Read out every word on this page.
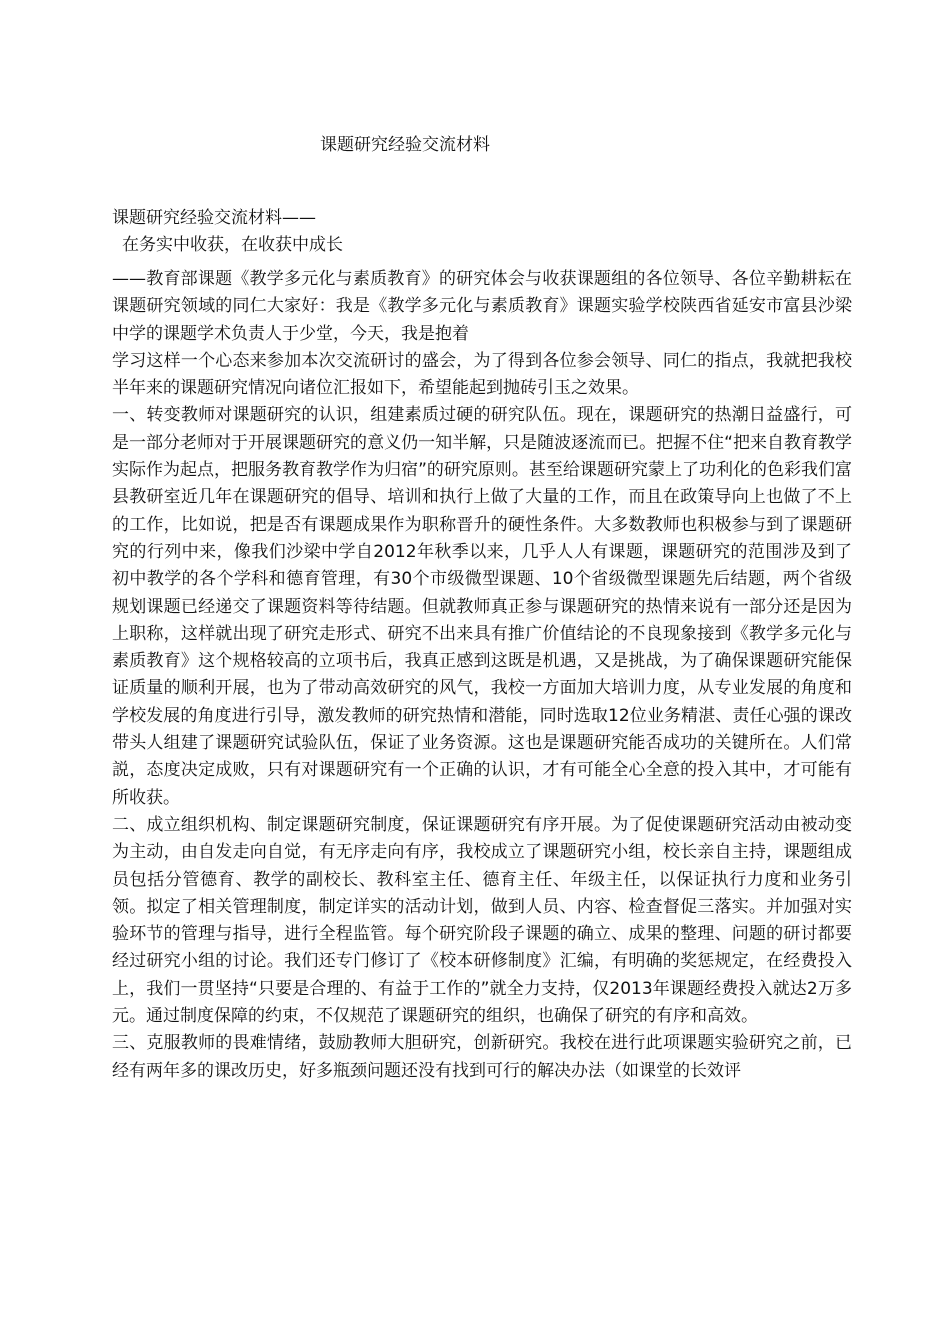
课题研究经验交流材料

课题研究经验交流材料——

在务实中收获，在收获中成长

——教育部课题《教学多元化与素质教育》的研究体会与收获课题组的各位领导、各位辛勤耕耘在课题研究领域的同仁大家好：我是《教学多元化与素质教育》课题实验学校陕西省延安市富县沙梁中学的课题学术负责人于少堂，今天，我是抱着

学习这样一个心态来参加本次交流研讨的盛会，为了得到各位参会领导、同仁的指点，我就把我校半年来的课题研究情况向诸位汇报如下，希望能起到抛砖引玉之效果。

一、转变教师对课题研究的认识，组建素质过硬的研究队伍。现在，课题研究的热潮日益盛行，可是一部分老师对于开展课题研究的意义仍一知半解，只是随波逐流而已。把握不住“把来自教育教学实际作为起点，把服务教育教学作为归宿”的研究原则。甚至给课题研究蒙上了功利化的色彩我们富县教研室近几年在课题研究的倡导、培训和执行上做了大量的工作，而且在政策导向上也做了不上的工作，比如说，把是否有课题成果作为职称晋升的硬性条件。大多数教师也积极参与到了课题研究的行列中来，像我们沙梁中学自2012年秋季以来，几乎人人有课题，课题研究的范围涉及到了初中教学的各个学科和德育管理，有30个市级微型课题、10个省级微型课题先后结题，两个省级规划课题已经递交了课题资料等待结题。但就教师真正参与课题研究的热情来说有一部分还是因为上职称，这样就出现了研究走形式、研究不出来具有推广价值结论的不良现象接到《教学多元化与素质教育》这个规格较高的立项书后，我真正感到这既是机遇，又是挑战，为了确保课题研究能保证质量的顺利开展，也为了带动高效研究的风气，我校一方面加大培训力度，从专业发展的角度和学校发展的角度进行引导，激发教师的研究热情和潜能，同时选取12位业务精湛、责任心强的课改带头人组建了课题研究试验队伍，保证了业务资源。这也是课题研究能否成功的关键所在。人们常説，态度决定成败，只有对课题研究有一个正确的认识，才有可能全心全意的投入其中，才可能有所收获。

二、成立组织机构、制定课题研究制度，保证课题研究有序开展。为了促使课题研究活动由被动变为主动，由自发走向自觉，有无序走向有序，我校成立了课题研究小组，校长亲自主持，课题组成员包括分管德育、教学的副校长、教科室主任、德育主任、年级主任，以保证执行力度和业务引领。拟定了相关管理制度，制定详实的活动计划，做到人员、内容、检查督促三落实。并加强对实验环节的管理与指导，进行全程监管。每个研究阶段子课题的确立、成果的整理、问题的研讨都要经过研究小组的讨论。我们还专门修订了《校本研修制度》汇编，有明确的奖惩规定，在经费投入上，我们一贯坚持“只要是合理的、有益于工作的”就全力支持，仅2013年课题经费投入就达2万多元。通过制度保障的约束，不仅规范了课题研究的组织，也确保了研究的有序和高效。

三、克服教师的畏难情绪，鼓励教师大胆研究，创新研究。我校在进行此项课题实验研究之前，已经有两年多的课改历史，好多瓶颈问题还没有找到可行的解决办法（如课堂的长效评
